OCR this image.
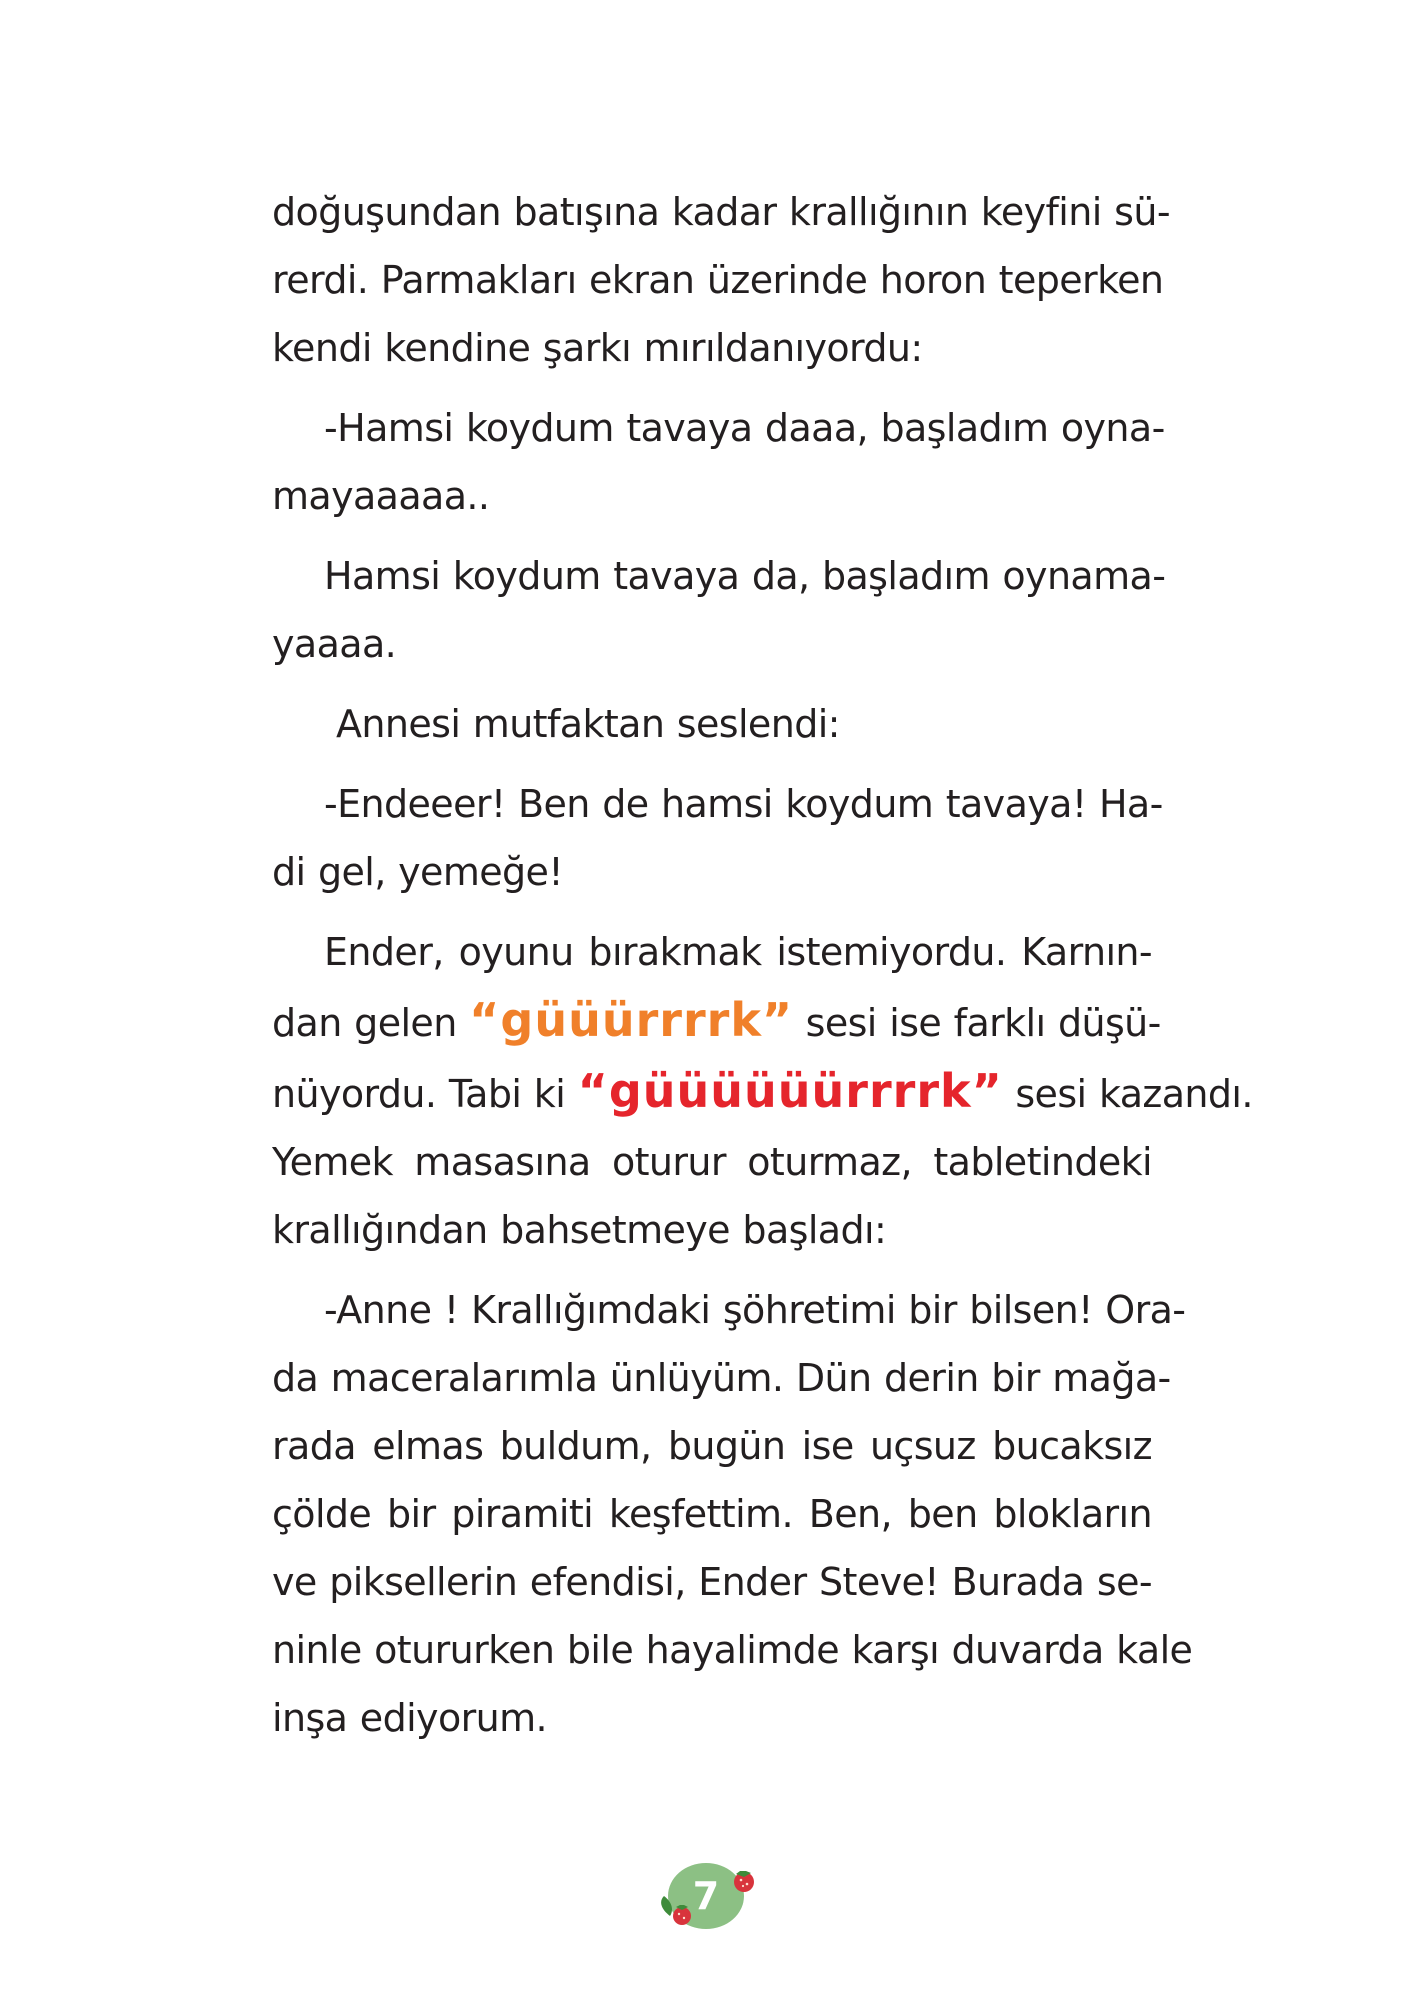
doğuşundan batışına kadar krallığının keyfini sü-
rerdi. Parmakları ekran üzerinde horon teperken
kendi kendine şarkı mırıldanıyordu:

-Hamsi koydum tavaya daaa, başladım oyna-
mayaaaaa..

Hamsi koydum tavaya da, başladım oynama-
yaaaa.

Annesi mutfaktan seslendi:

-Endeeer! Ben de hamsi koydum tavaya! Ha-
di gel, yemeğe!

Ender, oyunu bırakmak istemiyordu. Karnın-
dan gelen “güüürrrrk” sesi ise farklı düşü-
nüyordu. Tabi ki “güüüüüürrrrk” sesi kazandı.
Yemek masasına oturur oturmaz, tabletindeki
krallığından bahsetmeye başladı:

-Anne ! Krallığımdaki şöhretimi bir bilsen! Ora-
da maceralarımla ünlüyüm. Dün derin bir mağa-
rada elmas buldum, bugün ise uçsuz bucaksız
çölde bir piramiti keşfettim. Ben, ben blokların
ve piksellerin efendisi, Ender Steve! Burada se-
ninle otururken bile hayalimde karşı duvarda kale
inşa ediyorum.

7
